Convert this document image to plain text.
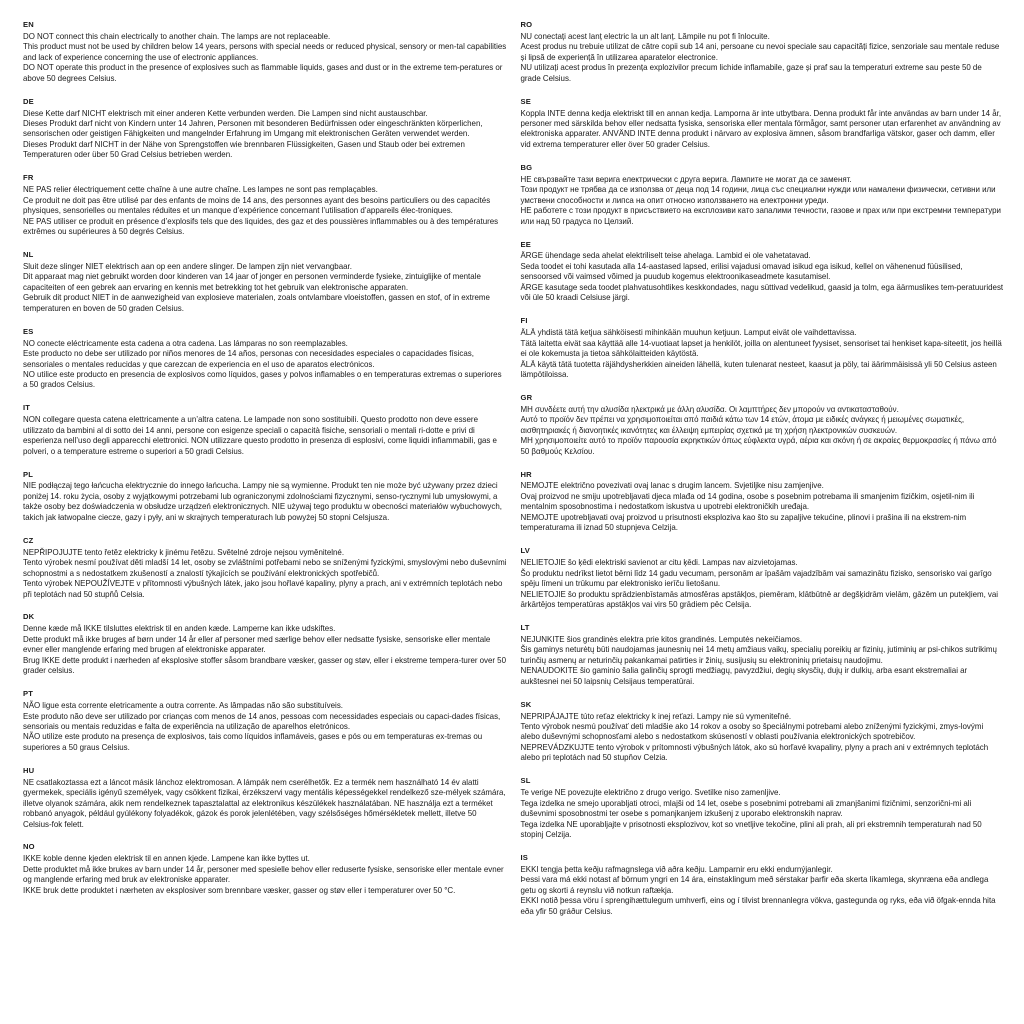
EN

DO NOT connect this chain electrically to another chain. The lamps are not replaceable.

This product must not be used by children below 14 years, persons with special needs or reduced physical, sensory or men-tal capabilities and lack of experience concerning the use of electronic appliances.

DO NOT operate this product in the presence of explosives such as flammable liquids, gases and dust or in the extreme tem-peratures or above 50 degrees Celsius.

DE

Diese Kette darf NICHT elektrisch mit einer anderen Kette verbunden werden. Die Lampen sind nicht austauschbar.

Dieses Produkt darf nicht von Kindern unter 14 Jahren, Personen mit besonderen Bedürfnissen oder eingeschränkten körperlichen, sensorischen oder geistigen Fähigkeiten und mangelnder Erfahrung im Umgang mit elektronischen Geräten verwendet werden.

Dieses Produkt darf NICHT in der Nähe von Sprengstoffen wie brennbaren Flüssigkeiten, Gasen und Staub oder bei extremen Temperaturen oder über 50 Grad Celsius betrieben werden.

FR

NE PAS relier électriquement cette chaîne à une autre chaîne. Les lampes ne sont pas remplaçables.

Ce produit ne doit pas être utilisé par des enfants de moins de 14 ans, des personnes ayant des besoins particuliers ou des capacités physiques, sensorielles ou mentales réduites et un manque d’expérience concernant l’utilisation d’appareils élec-troniques.

NE PAS utiliser ce produit en présence d’explosifs tels que des liquides, des gaz et des poussières inflammables ou à des températures extrêmes ou supérieures à 50 degrés Celsius.

NL

Sluit deze slinger NIET elektrisch aan op een andere slinger. De lampen zijn niet vervangbaar.

Dit apparaat mag niet gebruikt worden door kinderen van 14 jaar of jonger en personen verminderde fysieke, zintuiglijke of mentale capaciteiten of een gebrek aan ervaring en kennis met betrekking tot het gebruik van elektronische apparaten.

Gebruik dit product NIET in de aanwezigheid van explosieve materialen, zoals ontvlambare vloeistoffen, gassen en stof, of in extreme temperaturen en boven de 50 graden Celsius.

ES

NO conecte eléctricamente esta cadena a otra cadena. Las lámparas no son reemplazables.

Este producto no debe ser utilizado por niños menores de 14 años, personas con necesidades especiales o capacidades físicas, sensoriales o mentales reducidas y que carezcan de experiencia en el uso de aparatos electrónicos.

NO utilice este producto en presencia de explosivos como líquidos, gases y polvos inflamables o en temperaturas extremas o superiores a 50 grados Celsius.

IT

NON collegare questa catena elettricamente a un’altra catena. Le lampade non sono sostituibili. Questo prodotto non deve essere utilizzato da bambini al di sotto dei 14 anni, persone con esigenze speciali o capacità fisiche, sensoriali o mentali ri-dotte e privi di esperienza nell’uso degli apparecchi elettronici. NON utilizzare questo prodotto in presenza di esplosivi, come liquidi infiammabili, gas e polveri, o a temperature estreme o superiori a 50 gradi Celsius.

PL

NIE podłączaj tego łańcucha elektrycznie do innego łańcucha. Lampy nie są wymienne. Produkt ten nie może być używany przez dzieci poniżej 14. roku życia, osoby z wyjątkowymi potrzebami lub ograniczonymi zdolnościami fizycznymi, senso-rycznymi lub umysłowymi, a także osoby bez doświadczenia w obsłudze urządzeń elektronicznych. NIE używaj tego produktu w obecności materiałów wybuchowych, takich jak łatwopalne ciecze, gazy i pyły, ani w skrajnych temperaturach lub powyżej 50 stopni Celsjusza.

CZ

NEPŘIPOJUJTE tento řetěz elektricky k jinému řetězu. Světelné zdroje nejsou vyměnitelné.

Tento výrobek nesmí používat děti mladší 14 let, osoby se zvláštními potřebami nebo se sníženými fyzickými, smyslovými nebo duševními schopnostmi a s nedostatkem zkušeností a znalostí týkajících se používání elektronických spotřebičů.

Tento výrobek NEPOUŽÍVEJTE v přítomnosti výbušných látek, jako jsou hořlavé kapaliny, plyny a prach, ani v extrémních teplotách nebo při teplotách nad 50 stupňů Celsia.

DK

Denne kæde må IKKE tilsluttes elektrisk til en anden kæde. Lamperne kan ikke udskiftes.

Dette produkt må ikke bruges af børn under 14 år eller af personer med særlige behov eller nedsatte fysiske, sensoriske eller mentale evner eller manglende erfaring med brugen af elektroniske apparater.

Brug IKKE dette produkt i nærheden af eksplosive stoffer såsom brandbare væsker, gasser og støv, eller i ekstreme tempera-turer over 50 grader celsius.

PT

NÃO ligue esta corrente eletricamente a outra corrente. As lâmpadas não são substituíveis.

Este produto não deve ser utilizado por crianças com menos de 14 anos, pessoas com necessidades especiais ou capaci-dades físicas, sensoriais ou mentais reduzidas e falta de experiência na utilização de aparelhos eletrónicos.

NÃO utilize este produto na presença de explosivos, tais como líquidos inflamáveis, gases e pós ou em temperaturas ex-tremas ou superiores a 50 graus Celsius.

HU

NE csatlakoztassa ezt a láncot másik lánchoz elektromosan. A lámpák nem cserélhetők. Ez a termék nem használható 14 év alatti gyermekek, speciális igényű személyek, vagy csökkent fizikai, érzékszervi vagy mentális képességekkel rendelkező sze-mélyek számára, illetve olyanok számára, akik nem rendelkeznek tapasztalattal az elektronikus készülékek használatában. NE használja ezt a terméket robbanó anyagok, például gyúlékony folyadékok, gázok és porok jelenlétében, vagy szélsőséges hőmérsékletek mellett, illetve 50 Celsius-fok felett.

NO

IKKE koble denne kjeden elektrisk til en annen kjede. Lampene kan ikke byttes ut.

Dette produktet må ikke brukes av barn under 14 år, personer med spesielle behov eller reduserte fysiske, sensoriske eller mentale evner og manglende erfaring med bruk av elektroniske apparater.

IKKE bruk dette produktet i nærheten av eksplosiver som brennbare væsker, gasser og støv eller i temperaturer over 50 °C.

RO

NU conectați acest lanț electric la un alt lanț. Lămpile nu pot fi înlocuite.

Acest produs nu trebuie utilizat de către copii sub 14 ani, persoane cu nevoi speciale sau capacități fizice, senzoriale sau mentale reduse și lipsă de experiență în utilizarea aparatelor electronice.

NU utilizați acest produs în prezența explozivilor precum lichide inflamabile, gaze și praf sau la temperaturi extreme sau peste 50 de grade Celsius.

SE

Koppla INTE denna kedja elektriskt till en annan kedja. Lamporna är inte utbytbara. Denna produkt får inte användas av barn under 14 år, personer med särskilda behov eller nedsatta fysiska, sensoriska eller mentala förmågor, samt personer utan erfarenhet av användning av elektroniska apparater. ANVÄND INTE denna produkt i närvaro av explosiva ämnen, såsom brandfarliga vätskor, gaser och damm, eller vid extrema temperaturer eller över 50 grader Celsius.

BG

НЕ свързвайте тази верига електрически с друга верига. Лампите не могат да се заменят.

Този продукт не трябва да се използва от деца под 14 години, лица със специални нужди или намалени физически, сетивни или умствени способности и липса на опит относно използването на електронни уреди.

НЕ работете с този продукт в присъствието на експлозиви като запалими течности, газове и прах или при екстремни температури или над 50 градуса по Целзий.

EE

ÄRGE ühendage seda ahelat elektriliselt teise ahelaga. Lambid ei ole vahetatavad.

Seda toodet ei tohi kasutada alla 14-aastased lapsed, erilisi vajadusi omavad isikud ega isikud, kellel on vähenenud füüsilised, sensoorsed või vaimsed võimed ja puudub kogemus elektroonikaseadmete kasutamisel.

ÄRGE kasutage seda toodet plahvatusohtlikes keskkondades, nagu süttivad vedelikud, gaasid ja tolm, ega äärmuslikes tem-peratuuridest või üle 50 kraadi Celsiuse järgi.

FI

ÄLÄ yhdistä tätä ketjua sähköisesti mihinkään muuhun ketjuun. Lamput eivät ole vaihdettavissa.

Tätä laitetta eivät saa käyttää alle 14-vuotiaat lapset ja henkilöt, joilla on alentuneet fyysiset, sensoriset tai henkiset kapa-siteetit, jos heillä ei ole kokemusta ja tietoa sähkölaitteiden käytöstä.

ÄLÄ käytä tätä tuotetta räjähdysherkkien aineiden lähellä, kuten tulenarat nesteet, kaasut ja pöly, tai äärimmäisissä yli 50 Celsius asteen lämpötiloissa.

GR

ΜΗ συνδέετε αυτή την αλυσίδα ηλεκτρικά με άλλη αλυσίδα. Οι λαμπτήρες δεν μπορούν να αντικατασταθούν.

Αυτό το προϊόν δεν πρέπει να χρησιμοποιείται από παιδιά κάτω των 14 ετών, άτομα με ειδικές ανάγκες ή μειωμένες σωματικές, αισθητηριακές ή διανοητικές ικανότητες και έλλειψη εμπειρίας σχετικά με τη χρήση ηλεκτρονικών συσκευών.

ΜΗ χρησιμοποιείτε αυτό το προϊόν παρουσία εκρηκτικών όπως εύφλεκτα υγρά, αέρια και σκόνη ή σε ακραίες θερμοκρασίες ή πάνω από 50 βαθμούς Κελσίου.

HR

NEMOJTE električno povezivati ovaj lanac s drugim lancem. Svjetiljke nisu zamjenjive.

Ovaj proizvod ne smiju upotrebljavati djeca mlađa od 14 godina, osobe s posebnim potrebama ili smanjenim fizičkim, osjetil-nim ili mentalnim sposobnostima i nedostatkom iskustva u upotrebi elektroničkih uređaja.

NEMOJTE upotrebljavati ovaj proizvod u prisutnosti eksploziva kao što su zapaljive tekućine, plinovi i prašina ili na ekstrem-nim temperaturama ili iznad 50 stupnjeva Celzija.

LV

NELIETOJIE šo ķēdi elektriski savienot ar citu ķēdi. Lampas nav aizvietojamas.

Šo produktu nedrīkst lietot bērni līdz 14 gadu vecumam, personām ar īpašām vajadzībām vai samazinātu fizisko, sensorisko vai garīgo spēju līmeni un trūkumu par elektronisko ierīču lietošanu.

NELIETOJIE šo produktu sprādzienbīstamās atmosfēras apstākļos, piemēram, klātbūtnē ar degšķidrām vielām, gāzēm un putekļiem, vai ārkārtējos temperatūras apstākļos vai virs 50 grādiem pēc Celsija.

LT

NEJUNKITE šios grandinės elektra prie kitos grandinės. Lemputės nekeičiamos.

Šis gaminys neturėtų būti naudojamas jaunesnių nei 14 metų amžiaus vaikų, specialių poreikių ar fizinių, jutiminių ar psi-chikos sutrikimų turinčių asmenų ar neturinčių pakankamai patirties ir žinių, susijusių su elektroninių prietaisų naudojimu.

NENAUDOKITE šio gaminio šalia galinčių sprogti medžiagų, pavyzdžiui, degių skysčių, dujų ir dulkių, arba esant ekstremaliai ar aukštesnei nei 50 laipsnių Celsijaus temperatūrai.

SK

NEPRIPÁJAJTE túto reťaz elektricky k inej reťazi. Lampy nie sú vymeniteľné.

Tento výrobok nesmú používať deti mladšie ako 14 rokov a osoby so špeciálnymi potrebami alebo zníženými fyzickými, zmys-lovými alebo duševnými schopnosťami alebo s nedostatkom skúseností v oblasti používania elektronických spotrebičov.

NEPREVÁDZKUJTE tento výrobok v prítomnosti výbušných látok, ako sú horľavé kvapaliny, plyny a prach ani v extrémnych teplotách alebo pri teplotách nad 50 stupňov Celzia.

SL

Te verige NE povezujte električno z drugo verigo. Svetilke niso zamenljive.

Tega izdelka ne smejo uporabljati otroci, mlajši od 14 let, osebe s posebnimi potrebami ali zmanjšanimi fizičnimi, senzorični-mi ali duševnimi sposobnostmi ter osebe s pomanjkanjem izkušenj z uporabo elektronskih naprav.

Tega izdelka NE uporabljajte v prisotnosti eksplozivov, kot so vnetljive tekočine, plini ali prah, ali pri ekstremnih temperaturah nad 50 stopinj Celzija.

IS

EKKI tengja þetta keðju rafmagnslega við aðra keðju. Lamparnir eru ekki endurnýjanlegir.

Þessi vara má ekki notast af börnum yngri en 14 ára, einstaklingum með sérstakar þarfir eða skerta líkamlega, skynræna eða andlega getu og skorti á reynslu við notkun raftækja.

EKKI notið þessa vöru í sprengihættulegum umhverfi, eins og í tilvist brennanlegra vökva, gastegunda og ryks, eða við öfgak-ennda hita eða yfir 50 gráður Celsius.
